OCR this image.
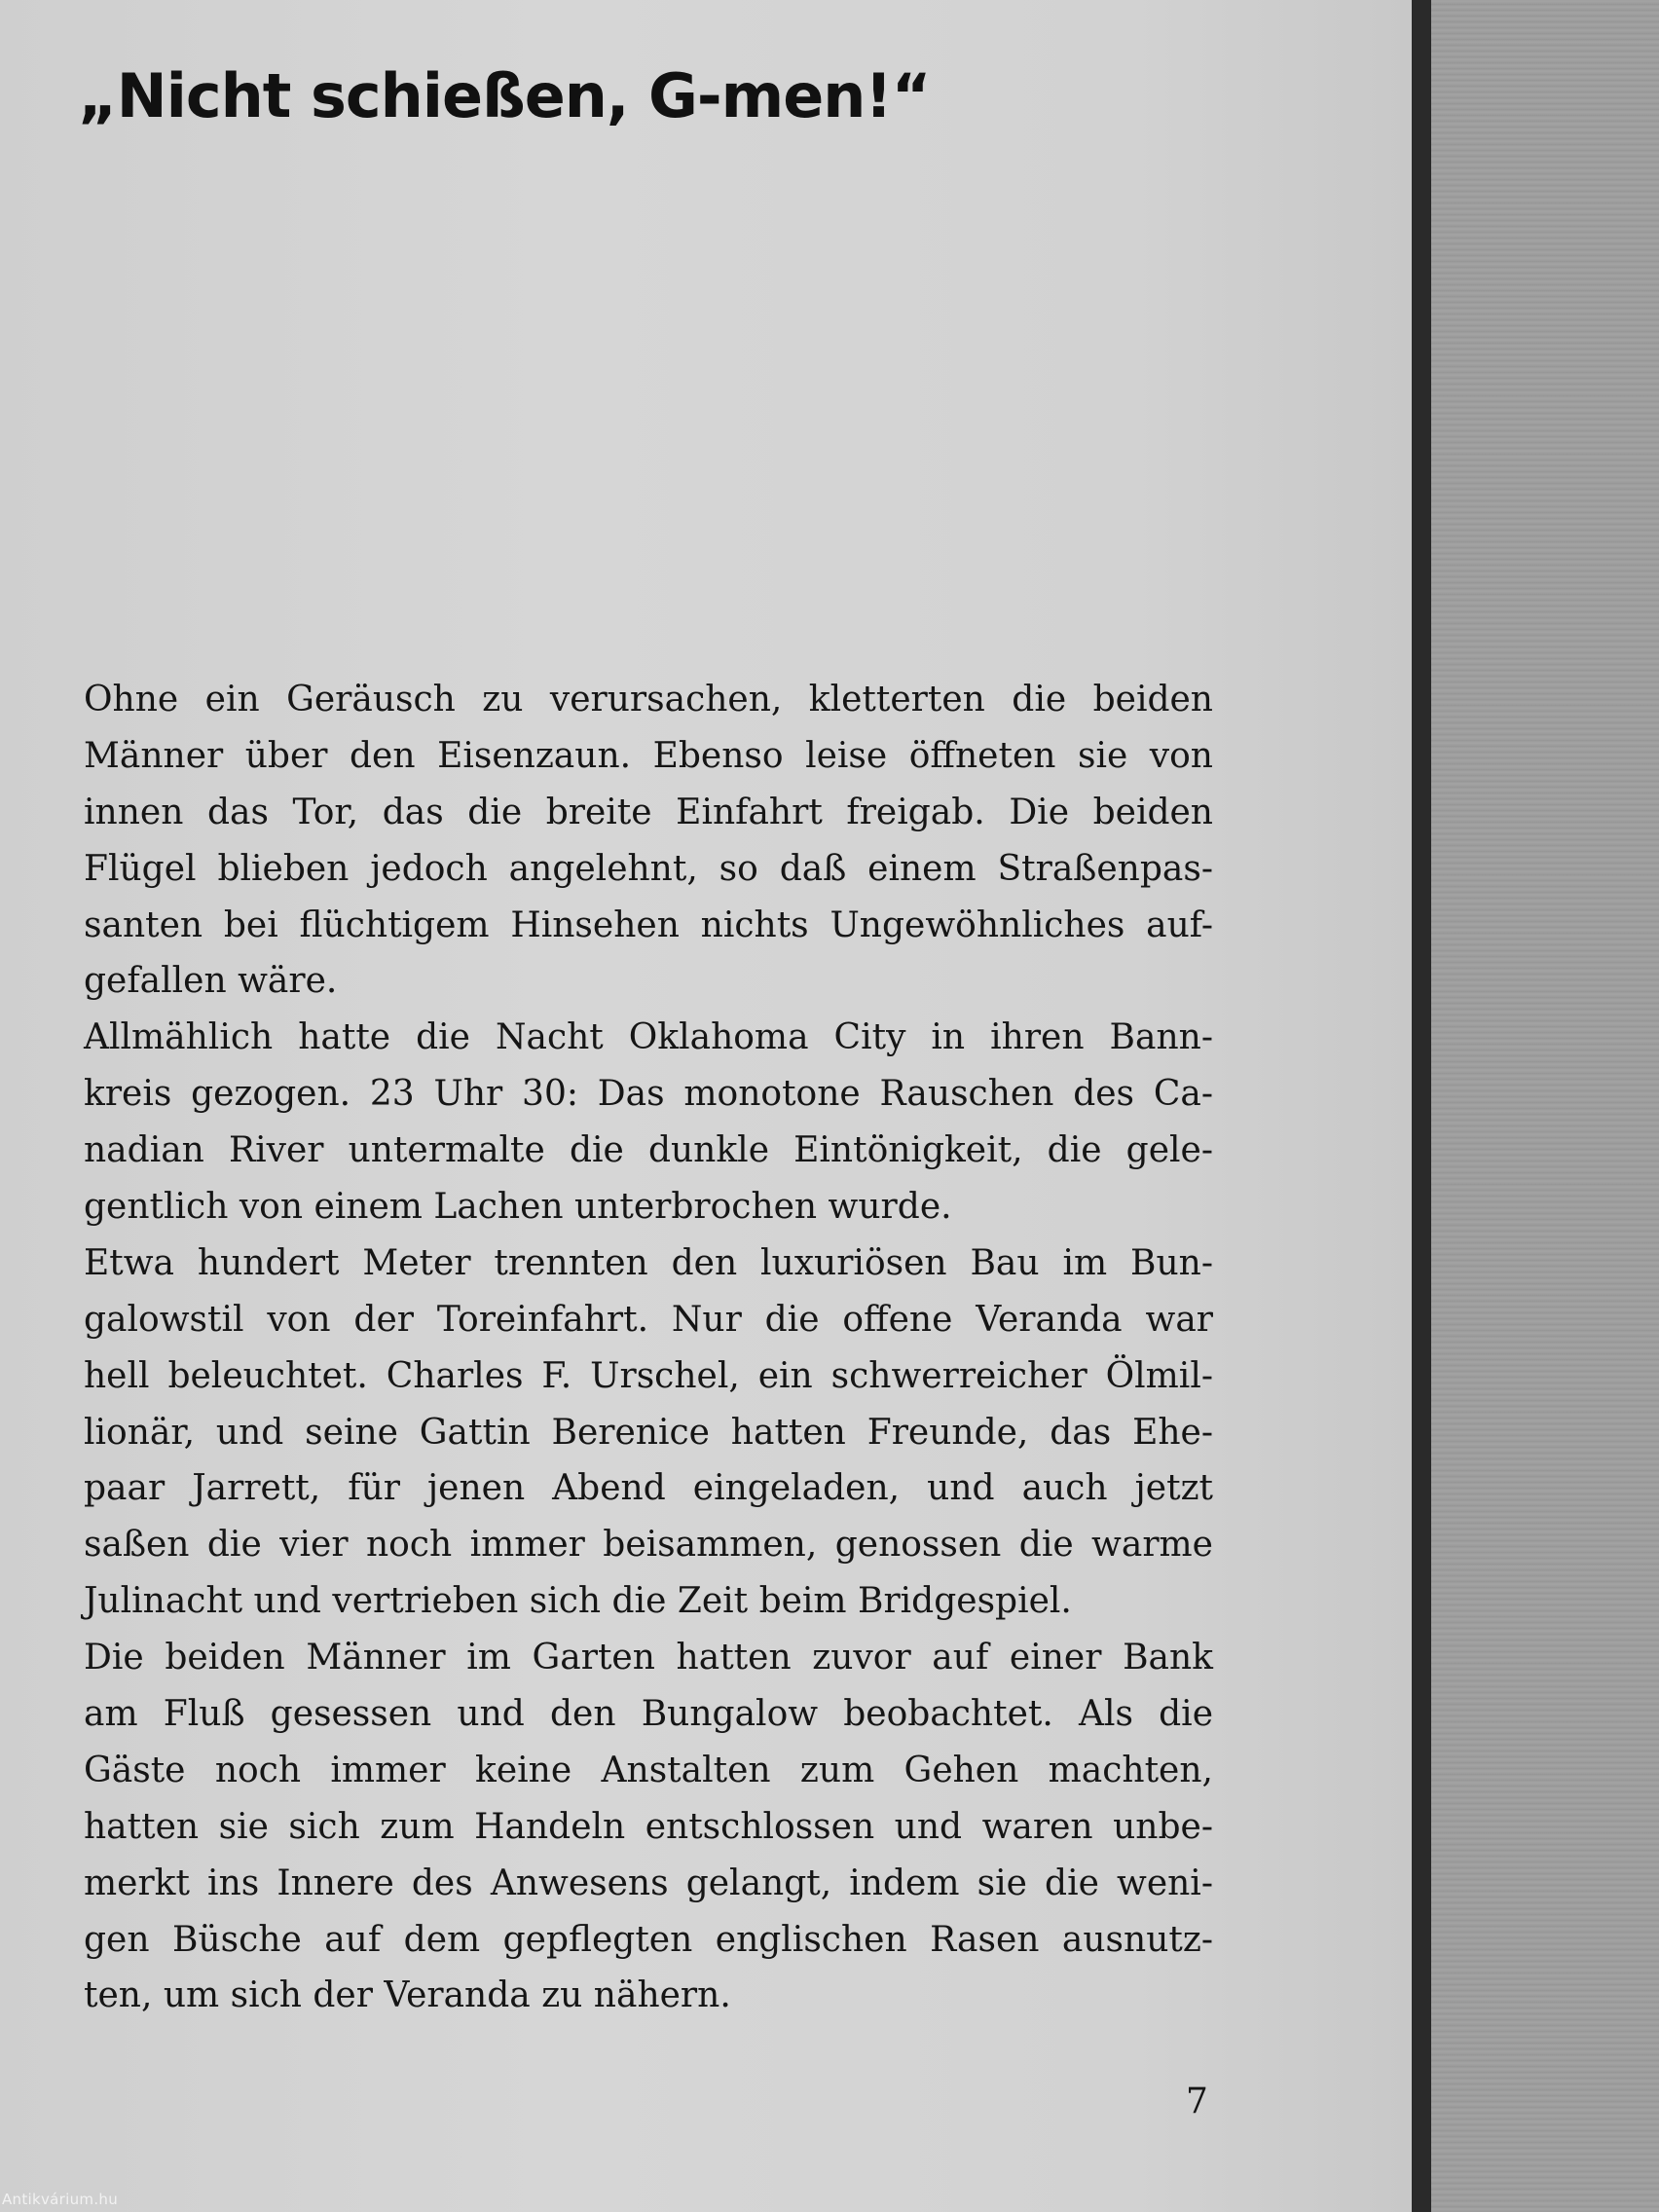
„Nicht schießen, G-men!“
Ohne ein Geräusch zu verursachen, kletterten die beiden
Männer über den Eisenzaun. Ebenso leise öffneten sie von
innen das Tor, das die breite Einfahrt freigab. Die beiden
Flügel blieben jedoch angelehnt, so daß einem Straßenpas-
santen bei flüchtigem Hinsehen nichts Ungewöhnliches auf-
gefallen wäre.
Allmählich hatte die Nacht Oklahoma City in ihren Bann-
kreis gezogen. 23 Uhr 30: Das monotone Rauschen des Ca-
nadian River untermalte die dunkle Eintönigkeit, die gele-
gentlich von einem Lachen unterbrochen wurde.
Etwa hundert Meter trennten den luxuriösen Bau im Bun-
galowstil von der Toreinfahrt. Nur die offene Veranda war
hell beleuchtet. Charles F. Urschel, ein schwerreicher Ölmil-
lionär, und seine Gattin Berenice hatten Freunde, das Ehe-
paar Jarrett, für jenen Abend eingeladen, und auch jetzt
saßen die vier noch immer beisammen, genossen die warme
Julinacht und vertrieben sich die Zeit beim Bridgespiel.
Die beiden Männer im Garten hatten zuvor auf einer Bank
am Fluß gesessen und den Bungalow beobachtet. Als die
Gäste noch immer keine Anstalten zum Gehen machten,
hatten sie sich zum Handeln entschlossen und waren unbe-
merkt ins Innere des Anwesens gelangt, indem sie die weni-
gen Büsche auf dem gepflegten englischen Rasen ausnutz-
ten, um sich der Veranda zu nähern.
7
Antikvárium.hu
